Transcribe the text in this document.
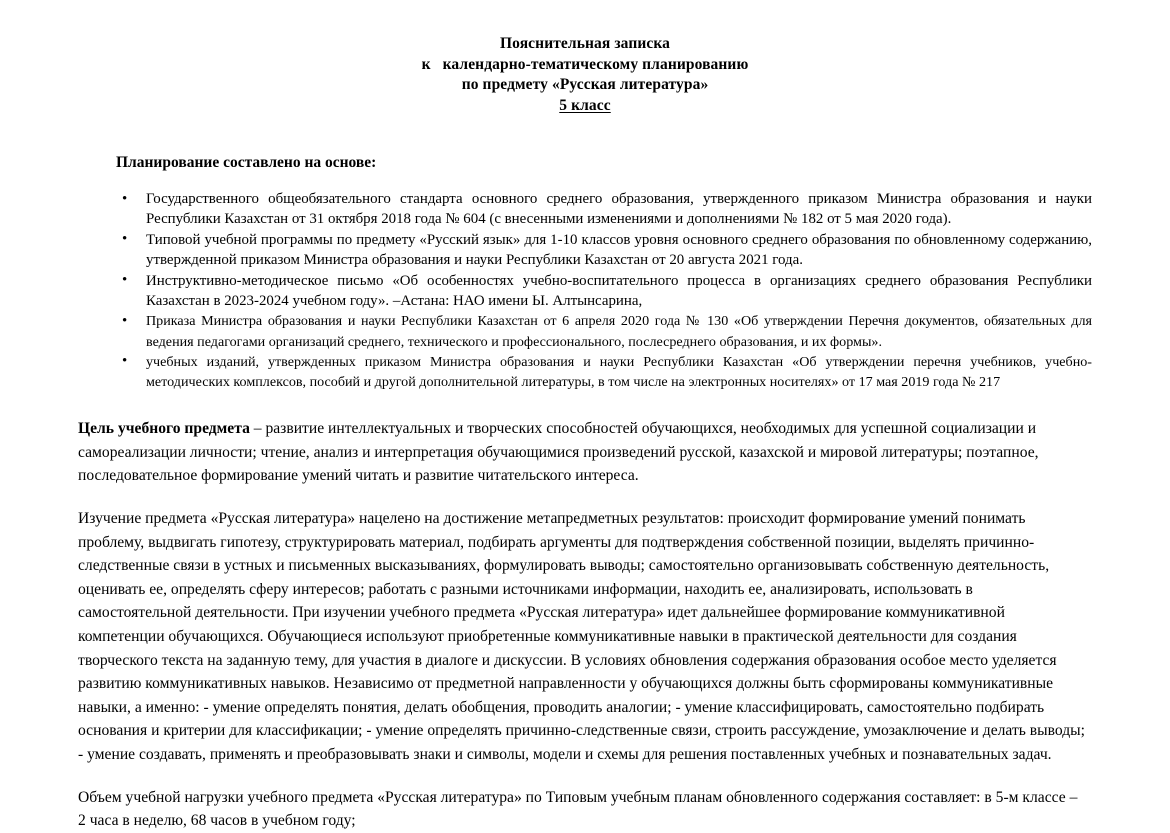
Пояснительная записка
к календарно-тематическому планированию
по предмету «Русская литература»
5 класс
Планирование составлено на основе:
• Государственного общеобязательного стандарта основного среднего образования, утвержденного приказом Министра образования и науки Республики Казахстан от 31 октября 2018 года № 604 (с внесенными изменениями и дополнениями № 182 от 5 мая 2020 года).
• Типовой учебной программы по предмету «Русский язык» для 1-10 классов уровня основного среднего образования по обновленному содержанию, утвержденной приказом Министра образования и науки Республики Казахстан от 20 августа 2021 года.
• Инструктивно-методическое письмо «Об особенностях учебно-воспитательного процесса в организациях среднего образования Республики Казахстан в 2023-2024 учебном году». –Астана: НАО имени Ы. Алтынсарина,
• Приказа Министра образования и науки Республики Казахстан от 6 апреля 2020 года № 130 «Об утверждении Перечня документов, обязательных для ведения педагогами организаций среднего, технического и профессионального, послесреднего образования, и их формы».
• учебных изданий, утвержденных приказом Министра образования и науки Республики Казахстан «Об утверждении перечня учебников, учебно-методических комплексов, пособий и другой дополнительной литературы, в том числе на электронных носителях» от 17 мая 2019 года № 217

Цель учебного предмета – развитие интеллектуальных и творческих способностей обучающихся, необходимых для успешной социализации и самореализации личности; чтение, анализ и интерпретация обучающимися произведений русской, казахской и мировой литературы; поэтапное, последовательное формирование умений читать и развитие читательского интереса.

Изучение предмета «Русская литература» нацелено на достижение метапредметных результатов: происходит формирование умений понимать проблему, выдвигать гипотезу, структурировать материал, подбирать аргументы для подтверждения собственной позиции, выделять причинно- следственные связи в устных и письменных высказываниях, формулировать выводы; самостоятельно организовывать собственную деятельность, оценивать ее, определять сферу интересов; работать с разными источниками информации, находить ее, анализировать, использовать в самостоятельной деятельности. При изучении учебного предмета «Русская литература» идет дальнейшее формирование коммуникативной компетенции обучающихся. Обучающиеся используют приобретенные коммуникативные навыки в практической деятельности для создания творческого текста на заданную тему, для участия в диалоге и дискуссии. В условиях обновления содержания образования особое место уделяется развитию коммуникативных навыков. Независимо от предметной направленности у обучающихся должны быть сформированы коммуникативные навыки, а именно: - умение определять понятия, делать обобщения, проводить аналогии; - умение классифицировать, самостоятельно подбирать основания и критерии для классификации; - умение определять причинно-следственные связи, строить рассуждение, умозаключение и делать выводы; - умение создавать, применять и преобразовывать знаки и символы, модели и схемы для решения поставленных учебных и познавательных задач.

Объем учебной нагрузки учебного предмета «Русская литература» по Типовым учебным планам обновленного содержания составляет: в 5-м классе – 2 часа в неделю, 68 часов в учебном году;
